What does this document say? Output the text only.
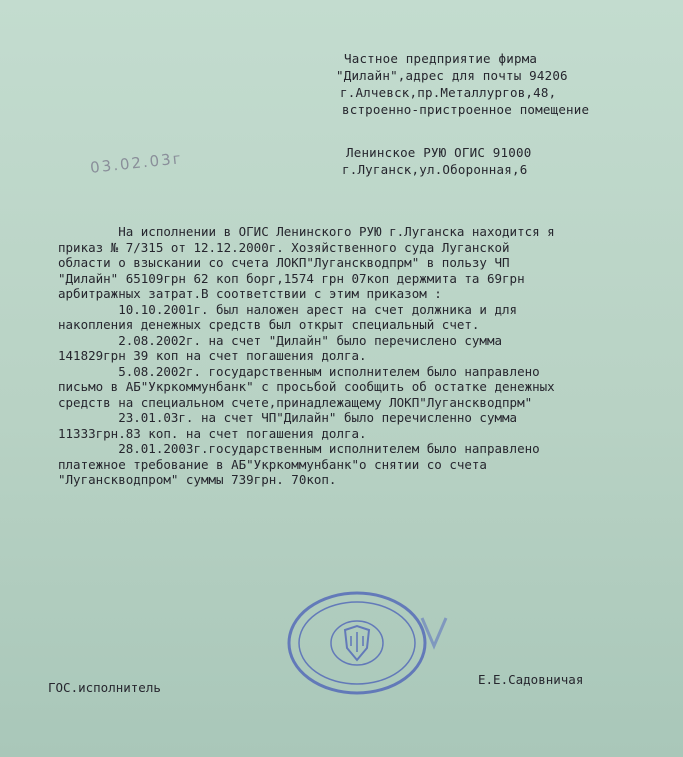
Частное предприятие фирма
"Дилайн",адрес для почты 94206
г.Алчевск,пр.Металлургов,48,
встроенно-пристроенное помещение
Ленинское РУЮ ОГИС 91000
г.Луганск,ул.Оборонная,6
03.02.03г
На исполнении в ОГИС Ленинского РУЮ г.Луганска находится я
приказ № 7/315 от 12.12.2000г. Хозяйственного суда Луганской
области о взыскании со счета ЛОКП"Луганскводпрм" в пользу ЧП
"Дилайн" 65109грн 62 коп борг,1574 грн 07коп держмита та 69грн
арбитражных затрат.В соответствии с этим приказом :
10.10.2001г. был наложен арест на счет должника и для
накопления денежных средств был открыт специальный счет.
2.08.2002г. на счет "Дилайн" было перечислено сумма
141829грн 39 коп на счет погашения долга.
5.08.2002г. государственным исполнителем было направлено
письмо в АБ"Укркоммунбанк" с просьбой сообщить об остатке денежных
средств на специальном счете,принадлежащему ЛОКП"Луганскводпрм"
23.01.03г. на счет ЧП"Дилайн" было перечисленно сумма
11333грн.83 коп. на счет погашения долга.
28.01.2003г.государственным исполнителем было направлено
платежное требование в АБ"Укркоммунбанк"о снятии со счета
"Луганскводпром" суммы 739грн. 70коп.
ГОС.исполнитель
Е.Е.Садовничая
